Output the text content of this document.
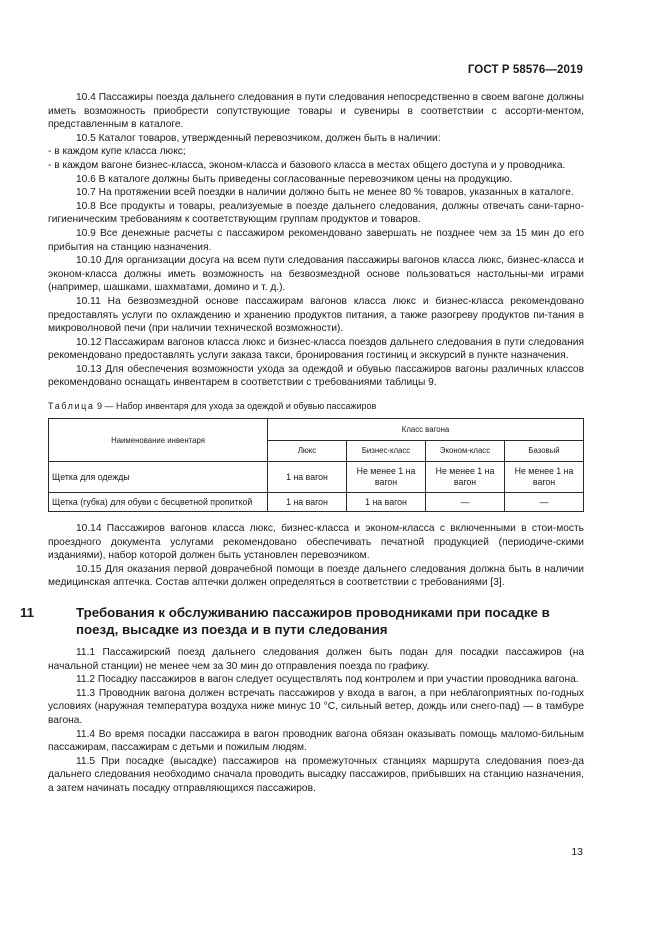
ГОСТ Р 58576—2019

10.4 Пассажиры поезда дальнего следования в пути следования непосредственно в своем вагоне должны иметь возможность приобрести сопутствующие товары и сувениры в соответствии с ассорти-ментом, представленным в каталоге.

10.5 Каталог товаров, утвержденный перевозчиком, должен быть в наличии:

- в каждом купе класса люкс;

- в каждом вагоне бизнес-класса, эконом-класса и базового класса в местах общего доступа и у проводника.

10.6 В каталоге должны быть приведены согласованные перевозчиком цены на продукцию.

10.7 На протяжении всей поездки в наличии должно быть не менее 80 % товаров, указанных в каталоге.

10.8 Все продукты и товары, реализуемые в поезде дальнего следования, должны отвечать сани-тарно-гигиеническим требованиям к соответствующим группам продуктов и товаров.

10.9 Все денежные расчеты с пассажиром рекомендовано завершать не позднее чем за 15 мин до его прибытия на станцию назначения.

10.10 Для организации досуга на всем пути следования пассажиры вагонов класса люкс, бизнес-класса и эконом-класса должны иметь возможность на безвозмездной основе пользоваться настольны-ми играми (например, шашками, шахматами, домино и т. д.).

10.11 На безвозмездной основе пассажирам вагонов класса люкс и бизнес-класса рекомендовано предоставлять услуги по охлаждению и хранению продуктов питания, а также разогреву продуктов пи-тания в микроволновой печи (при наличии технической возможности).

10.12 Пассажирам вагонов класса люкс и бизнес-класса поездов дальнего следования в пути следования рекомендовано предоставлять услуги заказа такси, бронирования гостиниц и экскурсий в пункте назначения.

10.13 Для обеспечения возможности ухода за одеждой и обувью пассажиров вагоны различных классов рекомендовано оснащать инвентарем в соответствии с требованиями таблицы 9.

Таблица 9 — Набор инвентаря для ухода за одеждой и обувью пассажиров

Наименование инвентаря	Класс вагона			
	Люкс	Бизнес-класс	Эконом-класс	Базовый
Щетка для одежды	1 на вагон	Не менее 1 на вагон	Не менее 1 на вагон	Не менее 1 на вагон
Щетка (губка) для обуви с бесцветной пропиткой	1 на вагон	1 на вагон	—	—

10.14 Пассажиров вагонов класса люкс, бизнес-класса и эконом-класса с включенными в стои-мость проездного документа услугами рекомендовано обеспечивать печатной продукцией (периодиче-скими изданиями), набор которой должен быть установлен перевозчиком.

10.15 Для оказания первой доврачебной помощи в поезде дальнего следования должна быть в наличии медицинская аптечка. Состав аптечки должен определяться в соответствии с требованиями [3].

11	Требования к обслуживанию пассажиров проводниками при посадке в поезд, высадке из поезда и в пути следования

11.1 Пассажирский поезд дальнего следования должен быть подан для посадки пассажиров (на начальной станции) не менее чем за 30 мин до отправления поезда по графику.

11.2 Посадку пассажиров в вагон следует осуществлять под контролем и при участии проводника вагона.

11.3 Проводник вагона должен встречать пассажиров у входа в вагон, а при неблагоприятных по-годных условиях (наружная температура воздуха ниже минус 10 °С, сильный ветер, дождь или снего-пад) — в тамбуре вагона.

11.4 Во время посадки пассажира в вагон проводник вагона обязан оказывать помощь маломо-бильным пассажирам, пассажирам с детьми и пожилым людям.

11.5 При посадке (высадке) пассажиров на промежуточных станциях маршрута следования поез-да дальнего следования необходимо сначала проводить высадку пассажиров, прибывших на станцию назначения, а затем начинать посадку отправляющихся пассажиров.

13
